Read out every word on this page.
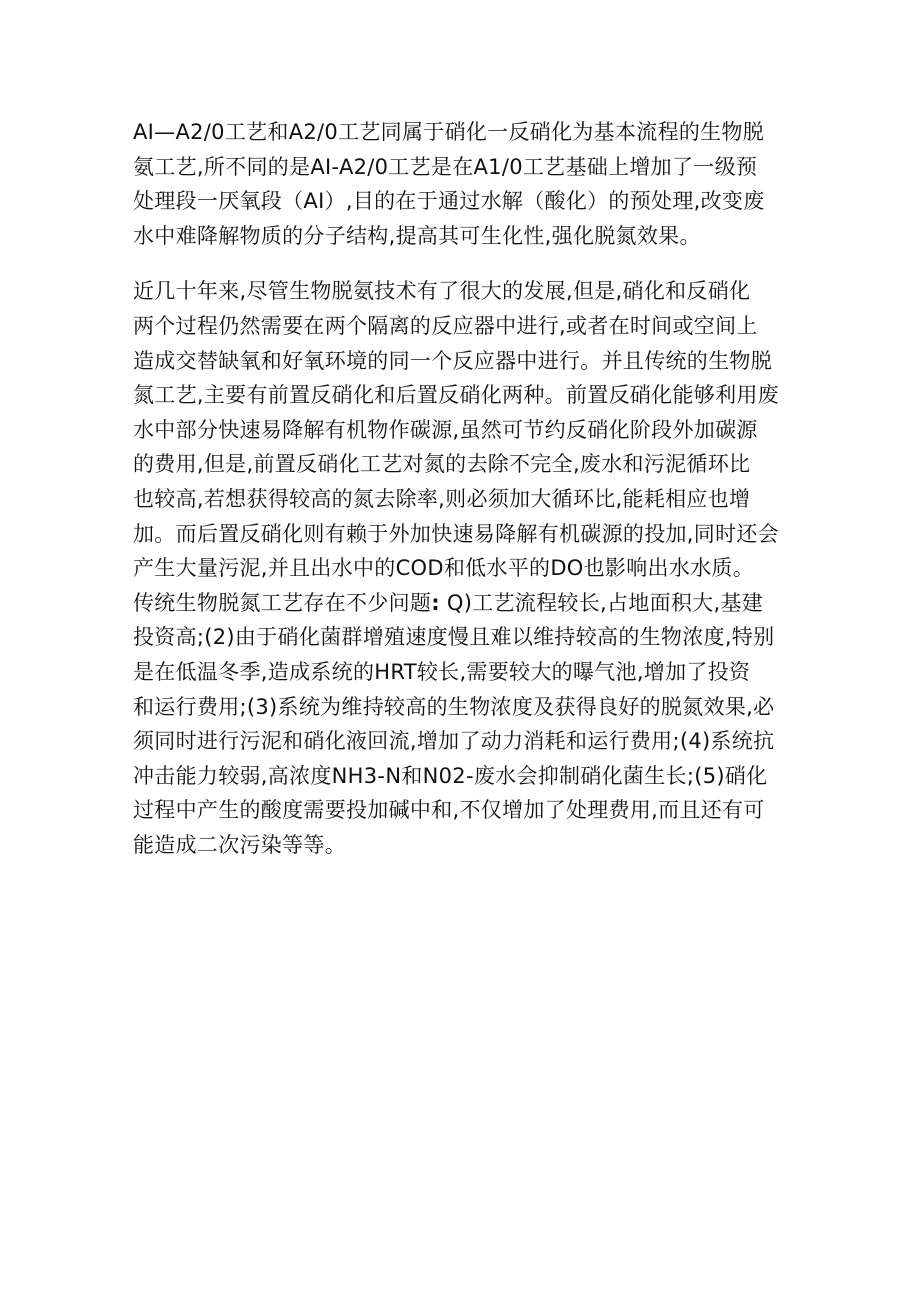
AI—A2/0工艺和A2/0工艺同属于硝化一反硝化为基本流程的生物脱
氨工艺,所不同的是AI-A2/0工艺是在A1/0工艺基础上增加了一级预
处理段一厌氧段（AI）,目的在于通过水解（酸化）的预处理,改变废
水中难降解物质的分子结构,提高其可生化性,强化脱氮效果。

近几十年来,尽管生物脱氨技术有了很大的发展,但是,硝化和反硝化
两个过程仍然需要在两个隔离的反应器中进行,或者在时间或空间上
造成交替缺氧和好氧环境的同一个反应器中进行。并且传统的生物脱
氮工艺,主要有前置反硝化和后置反硝化两种。前置反硝化能够利用废
水中部分快速易降解有机物作碳源,虽然可节约反硝化阶段外加碳源
的费用,但是,前置反硝化工艺对氮的去除不完全,废水和污泥循环比
也较高,若想获得较高的氮去除率,则必须加大循环比,能耗相应也增
加。而后置反硝化则有赖于外加快速易降解有机碳源的投加,同时还会
产生大量污泥,并且出水中的COD和低水平的DO也影响出水水质。
传统生物脱氮工艺存在不少问题: Q)工艺流程较长,占地面积大,基建
投资高;(2)由于硝化菌群增殖速度慢且难以维持较高的生物浓度,特别
是在低温冬季,造成系统的HRT较长,需要较大的曝气池,增加了投资
和运行费用;(3)系统为维持较高的生物浓度及获得良好的脱氮效果,必
须同时进行污泥和硝化液回流,增加了动力消耗和运行费用;(4)系统抗
冲击能力较弱,高浓度NH3-N和N02-废水会抑制硝化菌生长;(5)硝化
过程中产生的酸度需要投加碱中和,不仅增加了处理费用,而且还有可
能造成二次污染等等。
